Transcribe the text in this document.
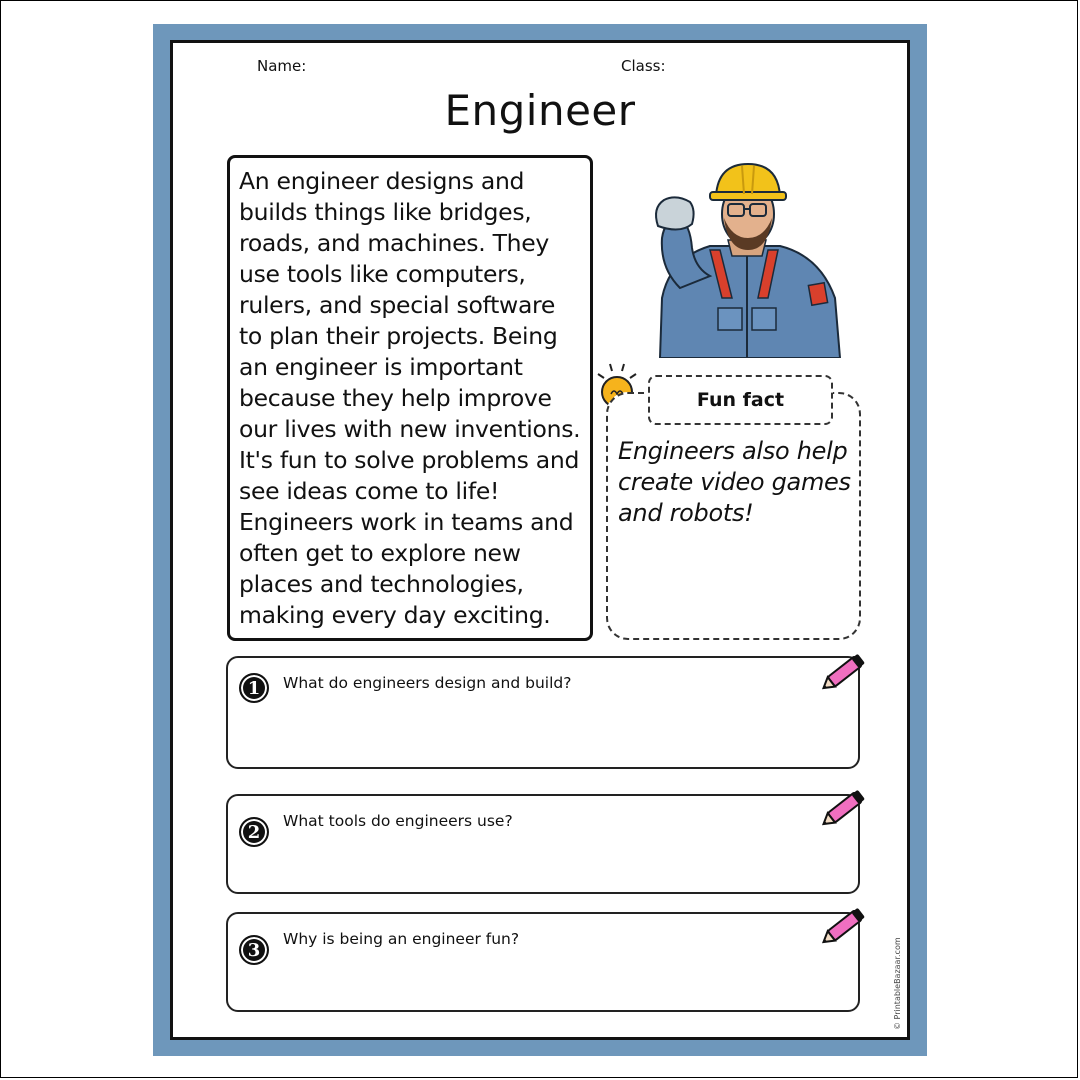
Name:	Class:
Engineer
An engineer designs and builds things like bridges, roads, and machines. They use tools like computers, rulers, and special software to plan their projects. Being an engineer is important because they help improve our lives with new inventions. It's fun to solve problems and see ideas come to life! Engineers work in teams and often get to explore new places and technologies, making every day exciting.
Fun fact
Engineers also help create video games and robots!
1	What do engineers design and build?
2
What tools do engineers use?
3
Why is being an engineer fun?	© PrintableBazaar.com
